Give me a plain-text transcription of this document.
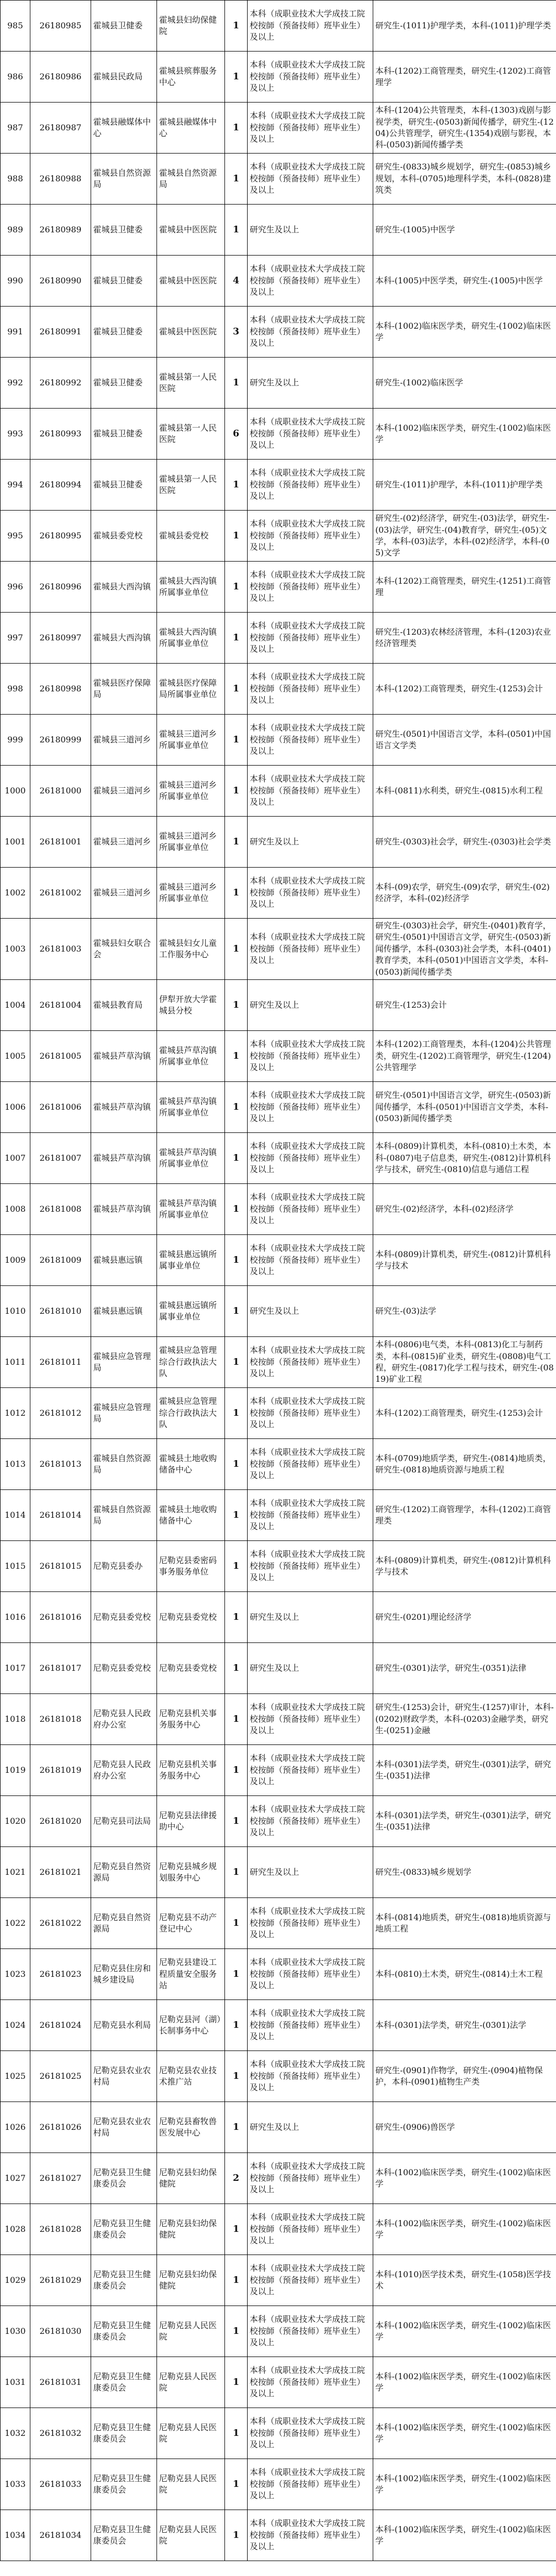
985	26180985	霍城县卫健委	霍城县妇幼保健院	1	本科（成职业技术大学成技工院校按師（预备技师）班毕业生）及以上	研究生-(1011)护理学类，本科-(1011)护理学类
986	26180986	霍城县民政局	霍城县殡葬服务中心	1	本科（成职业技术大学成技工院校按師（预备技师）班毕业生）及以上	本科-(1202)工商管理类，研究生-(1202)工商管理学
987	26180987	霍城县融媒体中心	霍城县融媒体中心	1	本科（成职业技术大学成技工院校按師（预备技师）班毕业生）及以上	本科-(1204)公共管理类，本科-(1303)戏剧与影视学类，研究生-(0503)新闻传播学，研究生-(1204)公共管理学，研究生-(1354)戏剧与影视，本科-(0503)新闻传播学类
988	26180988	霍城县自然资源局	霍城县自然资源局	1	本科（成职业技术大学成技工院校按師（预备技师）班毕业生）及以上	研究生-(0833)城乡规划学，研究生-(0853)城乡规划，本科-(0705)地理科学类，本科-(0828)建筑类
989	26180989	霍城县卫健委	霍城县中医医院	1	研究生及以上	研究生-(1005)中医学
990	26180990	霍城县卫健委	霍城县中医医院	4	本科（成职业技术大学成技工院校按師（预备技师）班毕业生）及以上	本科-(1005)中医学类，研究生-(1005)中医学
991	26180991	霍城县卫健委	霍城县中医医院	3	本科（成职业技术大学成技工院校按師（预备技师）班毕业生）及以上	本科-(1002)临床医学类，研究生-(1002)临床医学
992	26180992	霍城县卫健委	霍城县第一人民医院	1	研究生及以上	研究生-(1002)临床医学
993	26180993	霍城县卫健委	霍城县第一人民医院	6	本科（成职业技术大学成技工院校按師（预备技师）班毕业生）及以上	本科-(1002)临床医学类，研究生-(1002)临床医学
994	26180994	霍城县卫健委	霍城县第一人民医院	1	本科（成职业技术大学成技工院校按師（预备技师）班毕业生）及以上	研究生-(1011)护理学，本科-(1011)护理学类
995	26180995	霍城县委党校	霍城县委党校	1	本科（成职业技术大学成技工院校按師（预备技师）班毕业生）及以上	研究生-(02)经济学，研究生-(03)法学，研究生-(03)法学，研究生-(04)教育学，研究生-(05)文学，本科-(03)法学，本科-(02)经济学，本科-(05)文学
996	26180996	霍城县大西沟镇	霍城县大西沟镇所属事业单位	1	本科（成职业技术大学成技工院校按師（预备技师）班毕业生）及以上	本科-(1202)工商管理类，研究生-(1251)工商管理
997	26180997	霍城县大西沟镇	霍城县大西沟镇所属事业单位	1	本科（成职业技术大学成技工院校按師（预备技师）班毕业生）及以上	研究生-(1203)农林经济管理，本科-(1203)农业经济管理类
998	26180998	霍城县医疗保障局	霍城县医疗保障局所属事业单位	1	本科（成职业技术大学成技工院校按師（预备技师）班毕业生）及以上	本科-(1202)工商管理类，研究生-(1253)会计
999	26180999	霍城县三道河乡	霍城县三道河乡所属事业单位	1	本科（成职业技术大学成技工院校按師（预备技师）班毕业生）及以上	研究生-(0501)中国语言文学，本科-(0501)中国语言文学类
1000	26181000	霍城县三道河乡	霍城县三道河乡所属事业单位	1	本科（成职业技术大学成技工院校按師（预备技师）班毕业生）及以上	本科-(0811)水利类，研究生-(0815)水利工程
1001	26181001	霍城县三道河乡	霍城县三道河乡所属事业单位	1	研究生及以上	研究生-(0303)社会学，研究生-(0303)社会学类
1002	26181002	霍城县三道河乡	霍城县三道河乡所属事业单位	1	本科（成职业技术大学成技工院校按師（预备技师）班毕业生）及以上	本科-(09)农学，研究生-(09)农学，研究生-(02)经济学，本科-(02)经济学
1003	26181003	霍城县妇女联合会	霍城县妇女儿童工作服务中心	1	本科（成职业技术大学成技工院校按師（预备技师）班毕业生）及以上	研究生-(0303)社会学，研究生-(0401)教育学，研究生-(0501)中国语言文学，研究生-(0503)新闻传播学，本科-(0303)社会学类，本科-(0401)教育学类，本科-(0501)中国语言文学类，本科-(0503)新闻传播学类
1004	26181004	霍城县教育局	伊犁开放大学霍城县分校	1	研究生及以上	研究生-(1253)会计
1005	26181005	霍城县芦草沟镇	霍城县芦草沟镇所属事业单位	1	本科（成职业技术大学成技工院校按師（预备技师）班毕业生）及以上	本科-(1202)工商管理类，本科-(1204)公共管理类，研究生-(1202)工商管理学，研究生-(1204)公共管理学
1006	26181006	霍城县芦草沟镇	霍城县芦草沟镇所属事业单位	1	本科（成职业技术大学成技工院校按師（预备技师）班毕业生）及以上	研究生-(0501)中国语言文学，研究生-(0503)新闻传播学，本科-(0501)中国语言文学类，本科-(0503)新闻传播学类
1007	26181007	霍城县芦草沟镇	霍城县芦草沟镇所属事业单位	1	本科（成职业技术大学成技工院校按師（预备技师）班毕业生）及以上	本科-(0809)计算机类，本科-(0810)土木类，本科-(0807)电子信息类，研究生-(0812)计算机科学与技术，研究生-(0810)信息与通信工程
1008	26181008	霍城县芦草沟镇	霍城县芦草沟镇所属事业单位	1	本科（成职业技术大学成技工院校按師（预备技师）班毕业生）及以上	研究生-(02)经济学，本科-(02)经济学
1009	26181009	霍城县惠远镇	霍城县惠远镇所属事业单位	1	本科（成职业技术大学成技工院校按師（预备技师）班毕业生）及以上	本科-(0809)计算机类，研究生-(0812)计算机科学与技术
1010	26181010	霍城县惠远镇	霍城县惠远镇所属事业单位	1	研究生及以上	研究生-(03)法学
1011	26181011	霍城县应急管理局	霍城县应急管理综合行政执法大队	1	本科（成职业技术大学成技工院校按師（预备技师）班毕业生）及以上	本科-(0806)电气类，本科-(0813)化工与制药类，本科-(0815)矿业类，研究生-(0808)电气工程，研究生-(0817)化学工程与技术，研究生-(0819)矿业工程
1012	26181012	霍城县应急管理局	霍城县应急管理综合行政执法大队	1	本科（成职业技术大学成技工院校按師（预备技师）班毕业生）及以上	本科-(1202)工商管理类，研究生-(1253)会计
1013	26181013	霍城县自然资源局	霍城县土地收购储备中心	1	本科（成职业技术大学成技工院校按師（预备技师）班毕业生）及以上	本科-(0709)地质学类，研究生-(0814)地质类，研究生-(0818)地质资源与地质工程
1014	26181014	霍城县自然资源局	霍城县土地收购储备中心	1	本科（成职业技术大学成技工院校按師（预备技师）班毕业生）及以上	研究生-(1202)工商管理学，本科-(1202)工商管理类
1015	26181015	尼勒克县委办	尼勒克县委密码事务服务单位	1	本科（成职业技术大学成技工院校按師（预备技师）班毕业生）及以上	本科-(0809)计算机类，研究生-(0812)计算机科学与技术
1016	26181016	尼勒克县委党校	尼勒克县委党校	1	研究生及以上	研究生-(0201)理论经济学
1017	26181017	尼勒克县委党校	尼勒克县委党校	1	研究生及以上	研究生-(0301)法学，研究生-(0351)法律
1018	26181018	尼勒克县人民政府办公室	尼勒克县机关事务服务中心	1	本科（成职业技术大学成技工院校按師（预备技师）班毕业生）及以上	研究生-(1253)会计，研究生-(1257)审计，本科-(0202)财政学类，本科-(0203)金融学类，研究生-(0251)金融
1019	26181019	尼勒克县人民政府办公室	尼勒克县机关事务服务中心	1	本科（成职业技术大学成技工院校按師（预备技师）班毕业生）及以上	本科-(0301)法学类，研究生-(0301)法学，研究生-(0351)法律
1020	26181020	尼勒克县司法局	尼勒克县法律援助中心	1	本科（成职业技术大学成技工院校按師（预备技师）班毕业生）及以上	本科-(0301)法学类，研究生-(0301)法学，研究生-(0351)法律
1021	26181021	尼勒克县自然资源局	尼勒克县城乡规划服务中心	1	研究生及以上	研究生-(0833)城乡规划学
1022	26181022	尼勒克县自然资源局	尼勒克县不动产登记中心	1	本科（成职业技术大学成技工院校按師（预备技师）班毕业生）及以上	本科-(0814)地质类，研究生-(0818)地质资源与地质工程
1023	26181023	尼勒克县住房和城乡建设局	尼勒克县建设工程质量安全服务站	1	本科（成职业技术大学成技工院校按師（预备技师）班毕业生）及以上	本科-(0810)土木类，研究生-(0814)土木工程
1024	26181024	尼勒克县水利局	尼勒克县河（湖）长制事务中心	1	本科（成职业技术大学成技工院校按師（预备技师）班毕业生）及以上	本科-(0301)法学类，研究生-(0301)法学
1025	26181025	尼勒克县农业农村局	尼勒克县农业技术推广站	1	本科（成职业技术大学成技工院校按師（预备技师）班毕业生）及以上	研究生-(0901)作物学，研究生-(0904)植物保护，本科-(0901)植物生产类
1026	26181026	尼勒克县农业农村局	尼勒克县畜牧兽医发展中心	1	研究生及以上	研究生-(0906)兽医学
1027	26181027	尼勒克县卫生健康委员会	尼勒克县妇幼保健院	2	本科（成职业技术大学成技工院校按師（预备技师）班毕业生）及以上	本科-(1002)临床医学类，研究生-(1002)临床医学
1028	26181028	尼勒克县卫生健康委员会	尼勒克县妇幼保健院	1	本科（成职业技术大学成技工院校按師（预备技师）班毕业生）及以上	本科-(1002)临床医学类，研究生-(1002)临床医学
1029	26181029	尼勒克县卫生健康委员会	尼勒克县妇幼保健院	1	本科（成职业技术大学成技工院校按師（预备技师）班毕业生）及以上	本科-(1010)医学技术类，研究生-(1058)医学技术
1030	26181030	尼勒克县卫生健康委员会	尼勒克县人民医院	1	本科（成职业技术大学成技工院校按師（预备技师）班毕业生）及以上	本科-(1002)临床医学类，研究生-(1002)临床医学
1031	26181031	尼勒克县卫生健康委员会	尼勒克县人民医院	1	本科（成职业技术大学成技工院校按師（预备技师）班毕业生）及以上	本科-(1002)临床医学类，研究生-(1002)临床医学
1032	26181032	尼勒克县卫生健康委员会	尼勒克县人民医院	1	本科（成职业技术大学成技工院校按師（预备技师）班毕业生）及以上	本科-(1002)临床医学类，研究生-(1002)临床医学
1033	26181033	尼勒克县卫生健康委员会	尼勒克县人民医院	1	本科（成职业技术大学成技工院校按師（预备技师）班毕业生）及以上	本科-(1002)临床医学类，研究生-(1002)临床医学
1034	26181034	尼勒克县卫生健康委员会	尼勒克县人民医院	1	本科（成职业技术大学成技工院校按師（预备技师）班毕业生）及以上	本科-(1002)临床医学类，研究生-(1002)临床医学
